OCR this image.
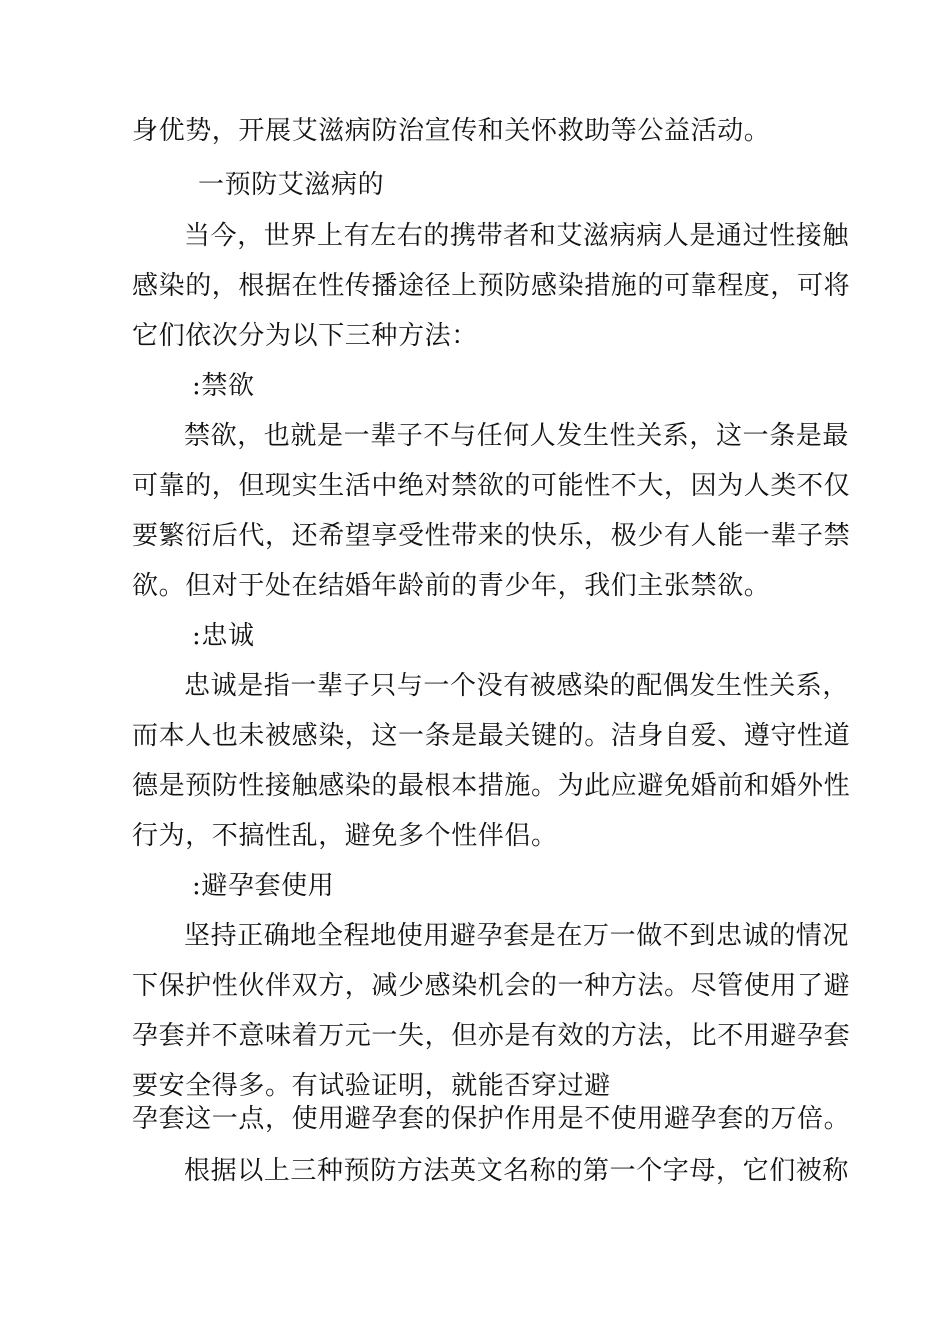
身优势，开展艾滋病防治宣传和关怀救助等公益活动。
一预防艾滋病的
当今，世界上有左右的携带者和艾滋病病人是通过性接触
感染的，根据在性传播途径上预防感染措施的可靠程度，可将
它们依次分为以下三种方法：
:禁欲
禁欲，也就是一辈子不与任何人发生性关系，这一条是最
可靠的，但现实生活中绝对禁欲的可能性不大，因为人类不仅
要繁衍后代，还希望享受性带来的快乐，极少有人能一辈子禁
欲。但对于处在结婚年龄前的青少年，我们主张禁欲。
:忠诚
忠诚是指一辈子只与一个没有被感染的配偶发生性关系，
而本人也未被感染，这一条是最关键的。洁身自爱、遵守性道
德是预防性接触感染的最根本措施。为此应避免婚前和婚外性
行为，不搞性乱，避免多个性伴侣。
:避孕套使用
坚持正确地全程地使用避孕套是在万一做不到忠诚的情况
下保护性伙伴双方，减少感染机会的一种方法。尽管使用了避
孕套并不意味着万元一失，但亦是有效的方法，比不用避孕套
要安全得多。有试验证明，就能否穿过避
孕套这一点，使用避孕套的保护作用是不使用避孕套的万倍。
根据以上三种预防方法英文名称的第一个字母，它们被称
